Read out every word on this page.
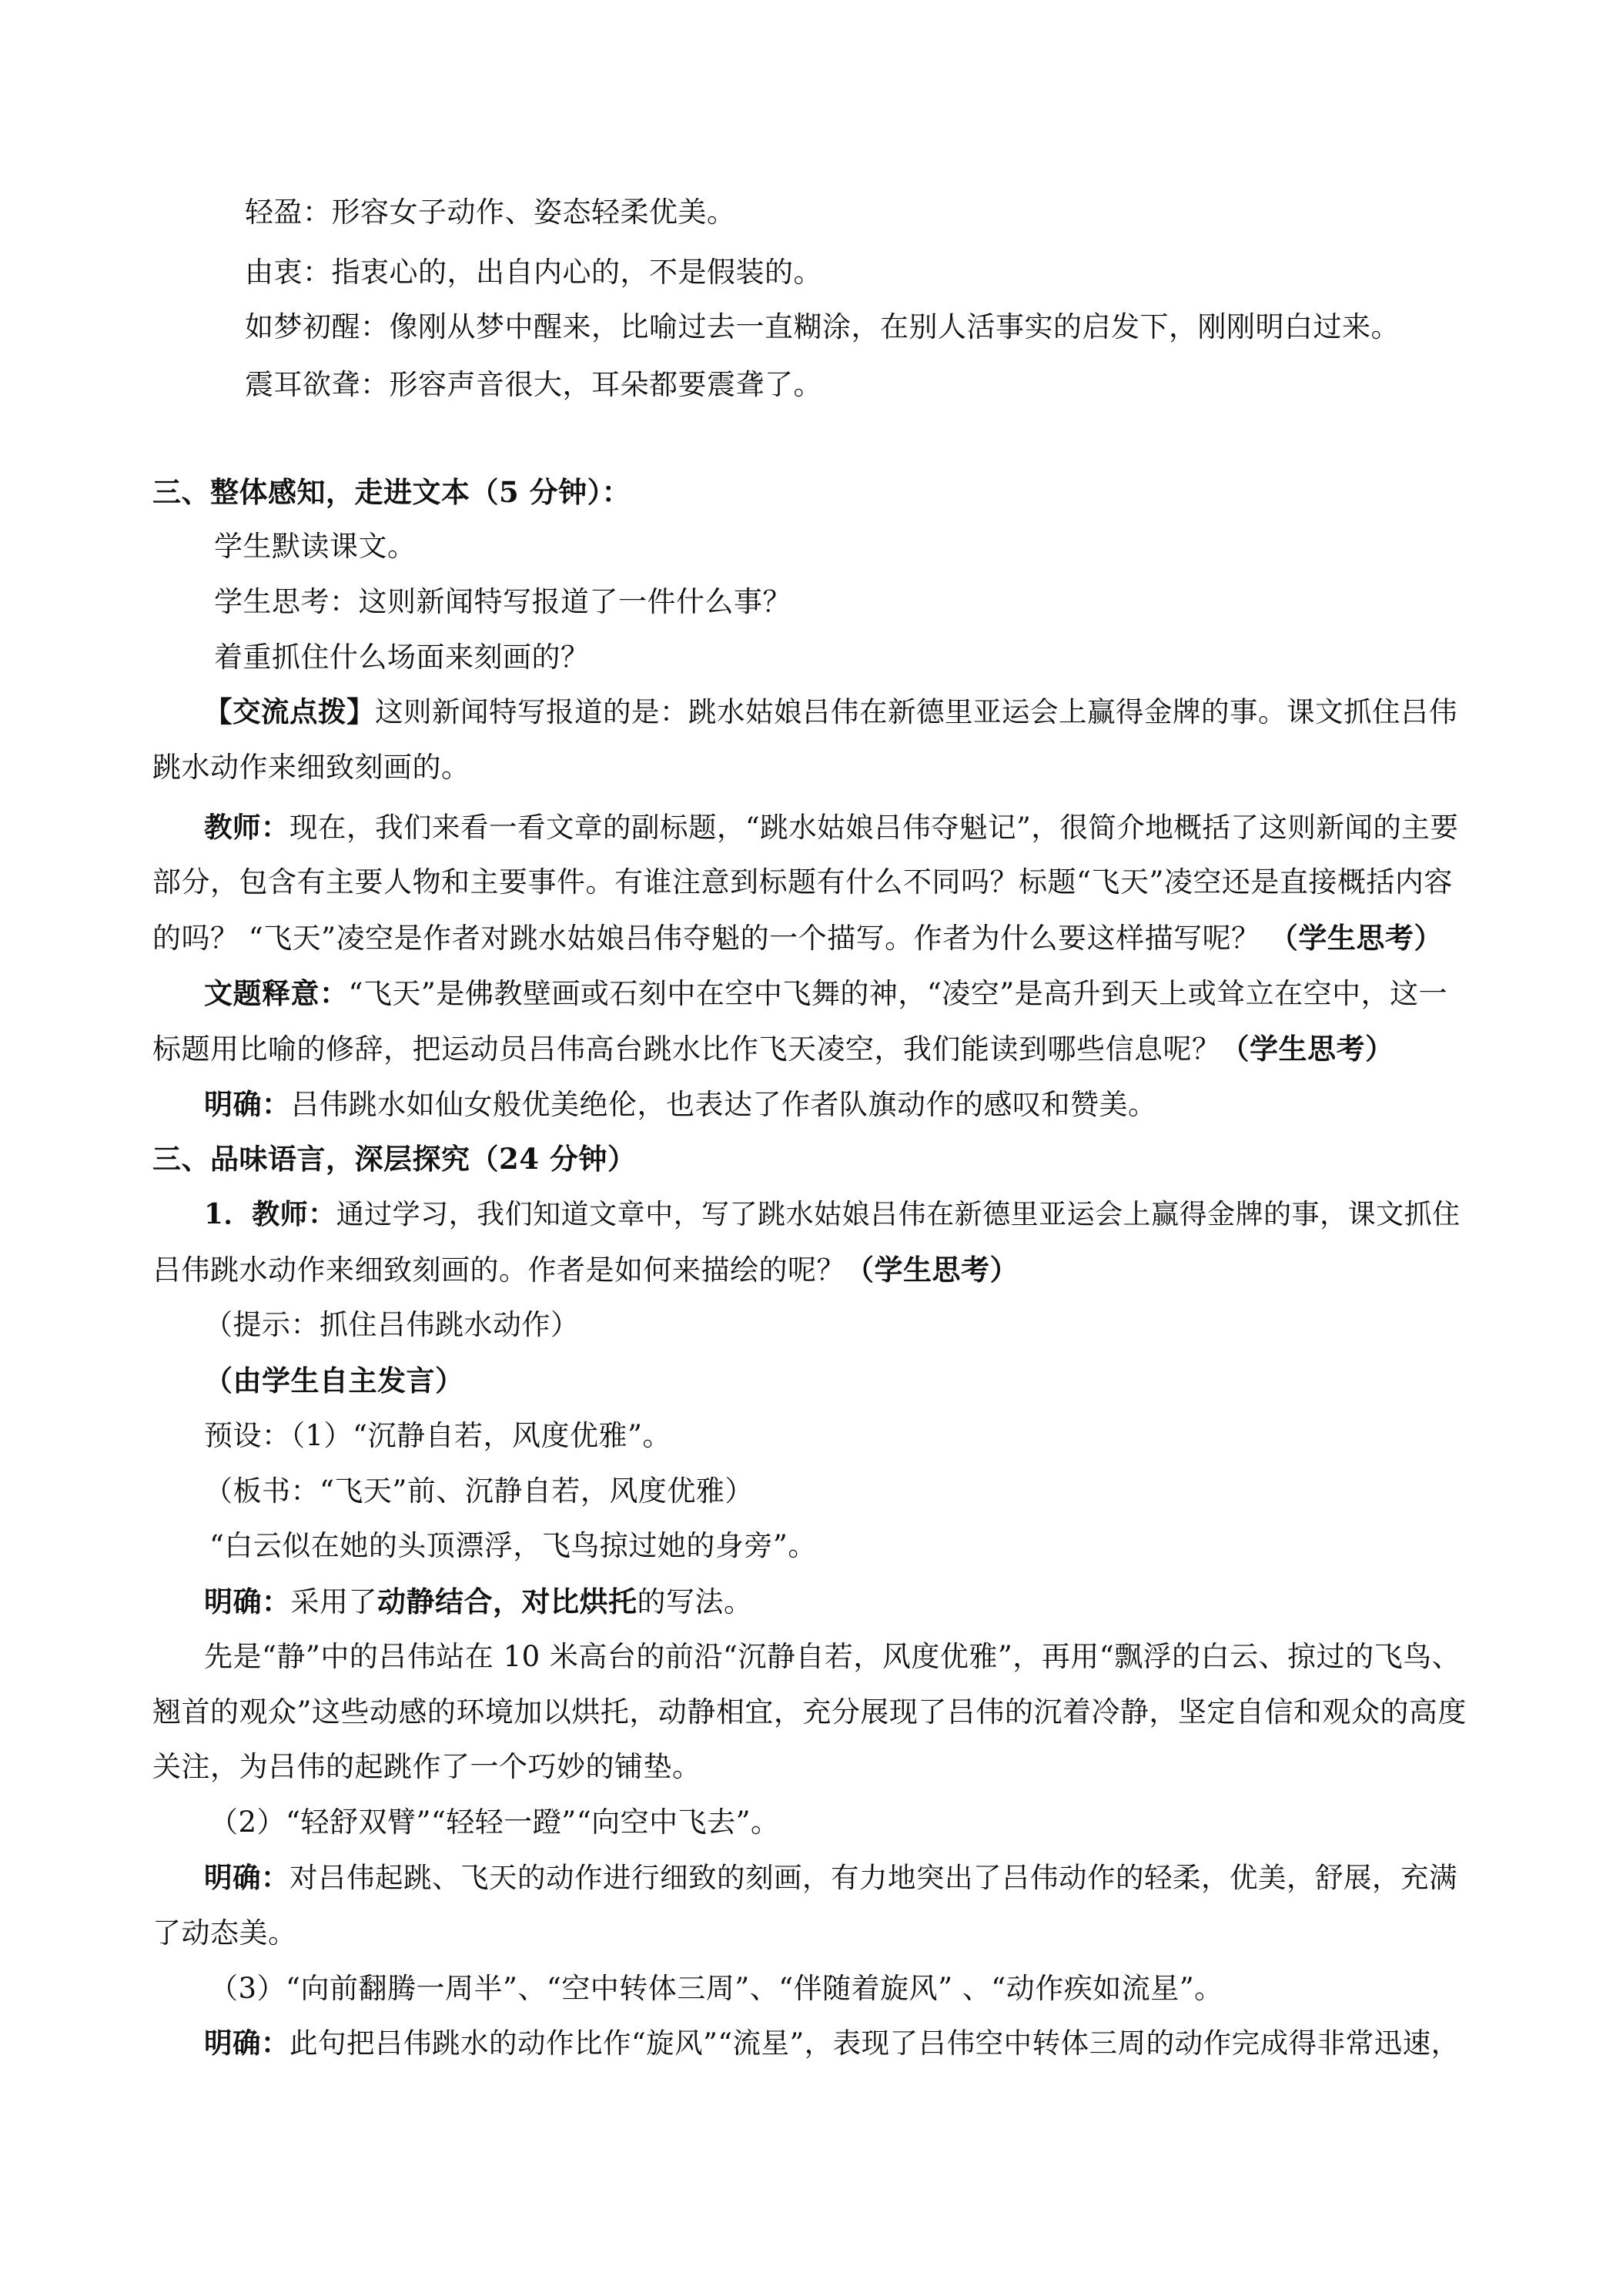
轻盈：形容女子动作、姿态轻柔优美。
由衷：指衷心的，出自内心的，不是假装的。
如梦初醒：像刚从梦中醒来，比喻过去一直糊涂，在别人活事实的启发下，刚刚明白过来。
震耳欲聋：形容声音很大，耳朵都要震聋了。
三、整体感知，走进文本（5 分钟）：
学生默读课文。
学生思考：这则新闻特写报道了一件什么事？
着重抓住什么场面来刻画的？
【交流点拨】这则新闻特写报道的是：跳水姑娘吕伟在新德里亚运会上赢得金牌的事。课文抓住吕伟
跳水动作来细致刻画的。
教师：现在，我们来看一看文章的副标题，“跳水姑娘吕伟夺魁记”，很简介地概括了这则新闻的主要
部分，包含有主要人物和主要事件。有谁注意到标题有什么不同吗？标题“飞天”凌空还是直接概括内容
的吗？ “飞天”凌空是作者对跳水姑娘吕伟夺魁的一个描写。作者为什么要这样描写呢？ （学生思考）
文题释意：“飞天”是佛教壁画或石刻中在空中飞舞的神，“凌空”是高升到天上或耸立在空中，这一
标题用比喻的修辞，把运动员吕伟高台跳水比作飞天凌空，我们能读到哪些信息呢？（学生思考）
明确：吕伟跳水如仙女般优美绝伦，也表达了作者队旗动作的感叹和赞美。
三、品味语言，深层探究（24 分钟）
1．教师：通过学习，我们知道文章中，写了跳水姑娘吕伟在新德里亚运会上赢得金牌的事，课文抓住
吕伟跳水动作来细致刻画的。作者是如何来描绘的呢？（学生思考）
（提示：抓住吕伟跳水动作）
（由学生自主发言）
预设：（1）“沉静自若，风度优雅”。
（板书：“飞天”前、沉静自若，风度优雅）
“白云似在她的头顶漂浮，飞鸟掠过她的身旁”。
明确：采用了动静结合，对比烘托的写法。
先是“静”中的吕伟站在 10 米高台的前沿“沉静自若，风度优雅”，再用“飘浮的白云、掠过的飞鸟、
翘首的观众”这些动感的环境加以烘托，动静相宜，充分展现了吕伟的沉着冷静，坚定自信和观众的高度
关注，为吕伟的起跳作了一个巧妙的铺垫。
（2）“轻舒双臂”“轻轻一蹬”“向空中飞去”。
明确：对吕伟起跳、飞天的动作进行细致的刻画，有力地突出了吕伟动作的轻柔，优美，舒展，充满
了动态美。
（3）“向前翻腾一周半”、“空中转体三周”、“伴随着旋风” 、“动作疾如流星”。
明确：此句把吕伟跳水的动作比作“旋风”“流星”，表现了吕伟空中转体三周的动作完成得非常迅速，
